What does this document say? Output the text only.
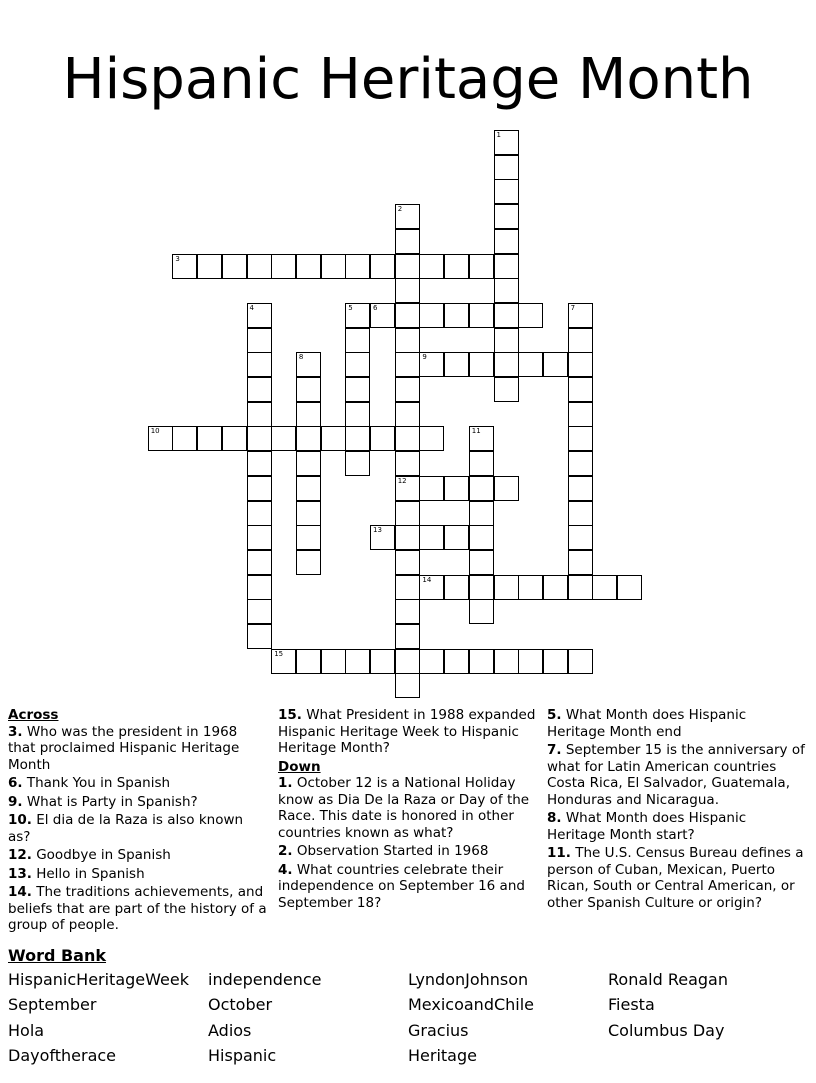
Hispanic Heritage Month
1
2
12
3
4	5	6	7
8	9
10	11
13
14
15
Across
3. Who was the president in 1968 that proclaimed Hispanic Heritage Month
6. Thank You in Spanish
9. What is Party in Spanish?
10. El dia de la Raza is also known as?
12. Goodbye in Spanish
13. Hello in Spanish
14. The traditions achievements, and beliefs that are part of the history of a group of people.
15. What President in 1988 expanded Hispanic Heritage Week to Hispanic Heritage Month?
Down
1. October 12 is a National Holiday know as Dia De la Raza or Day of the Race. This date is honored in other countries known as what?
2. Observation Started in 1968
4. What countries celebrate their independence on September 16 and September 18?
5. What Month does Hispanic Heritage Month end
7. September 15 is the anniversary of what for Latin American countries Costa Rica, El Salvador, Guatemala, Honduras and Nicaragua.
8. What Month does Hispanic Heritage Month start?
11. The U.S. Census Bureau defines a person of Cuban, Mexican, Puerto Rican, South or Central American, or other Spanish Culture or origin?
Word Bank
HispanicHeritageWeek independence	LyndonJohnson	Ronald Reagan
September	October	MexicoandChile	Fiesta
Hola	Adios	Gracius	Columbus Day
Dayoftherace	Hispanic	Heritage
